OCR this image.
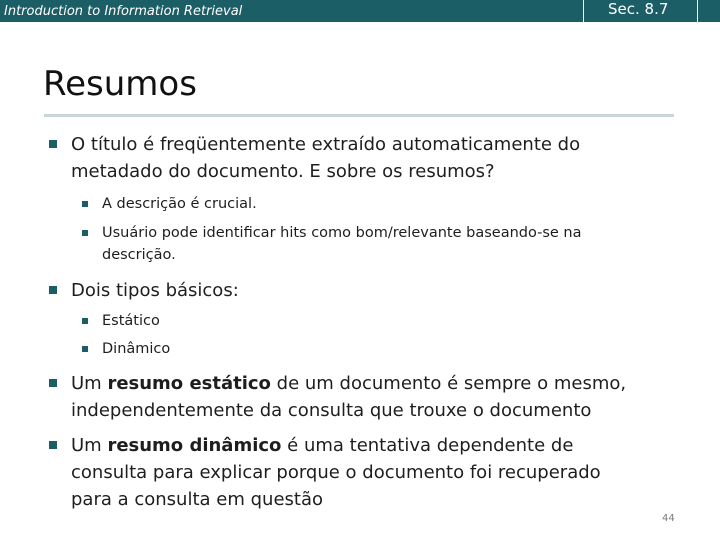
Introduction to Information Retrieval	Sec. 8.7
Resumos
O título é freqüentemente extraído automaticamente do
metadado do documento. E sobre os resumos?
A descrição é crucial.
Usuário pode identificar hits como bom/relevante baseando-se na
descrição.
Dois tipos básicos:
Estático
Dinâmico
Um resumo estático de um documento é sempre o mesmo,
independentemente da consulta que trouxe o documento
Um resumo dinâmico é uma tentativa dependente de
consulta para explicar porque o documento foi recuperado
para a consulta em questão
44
